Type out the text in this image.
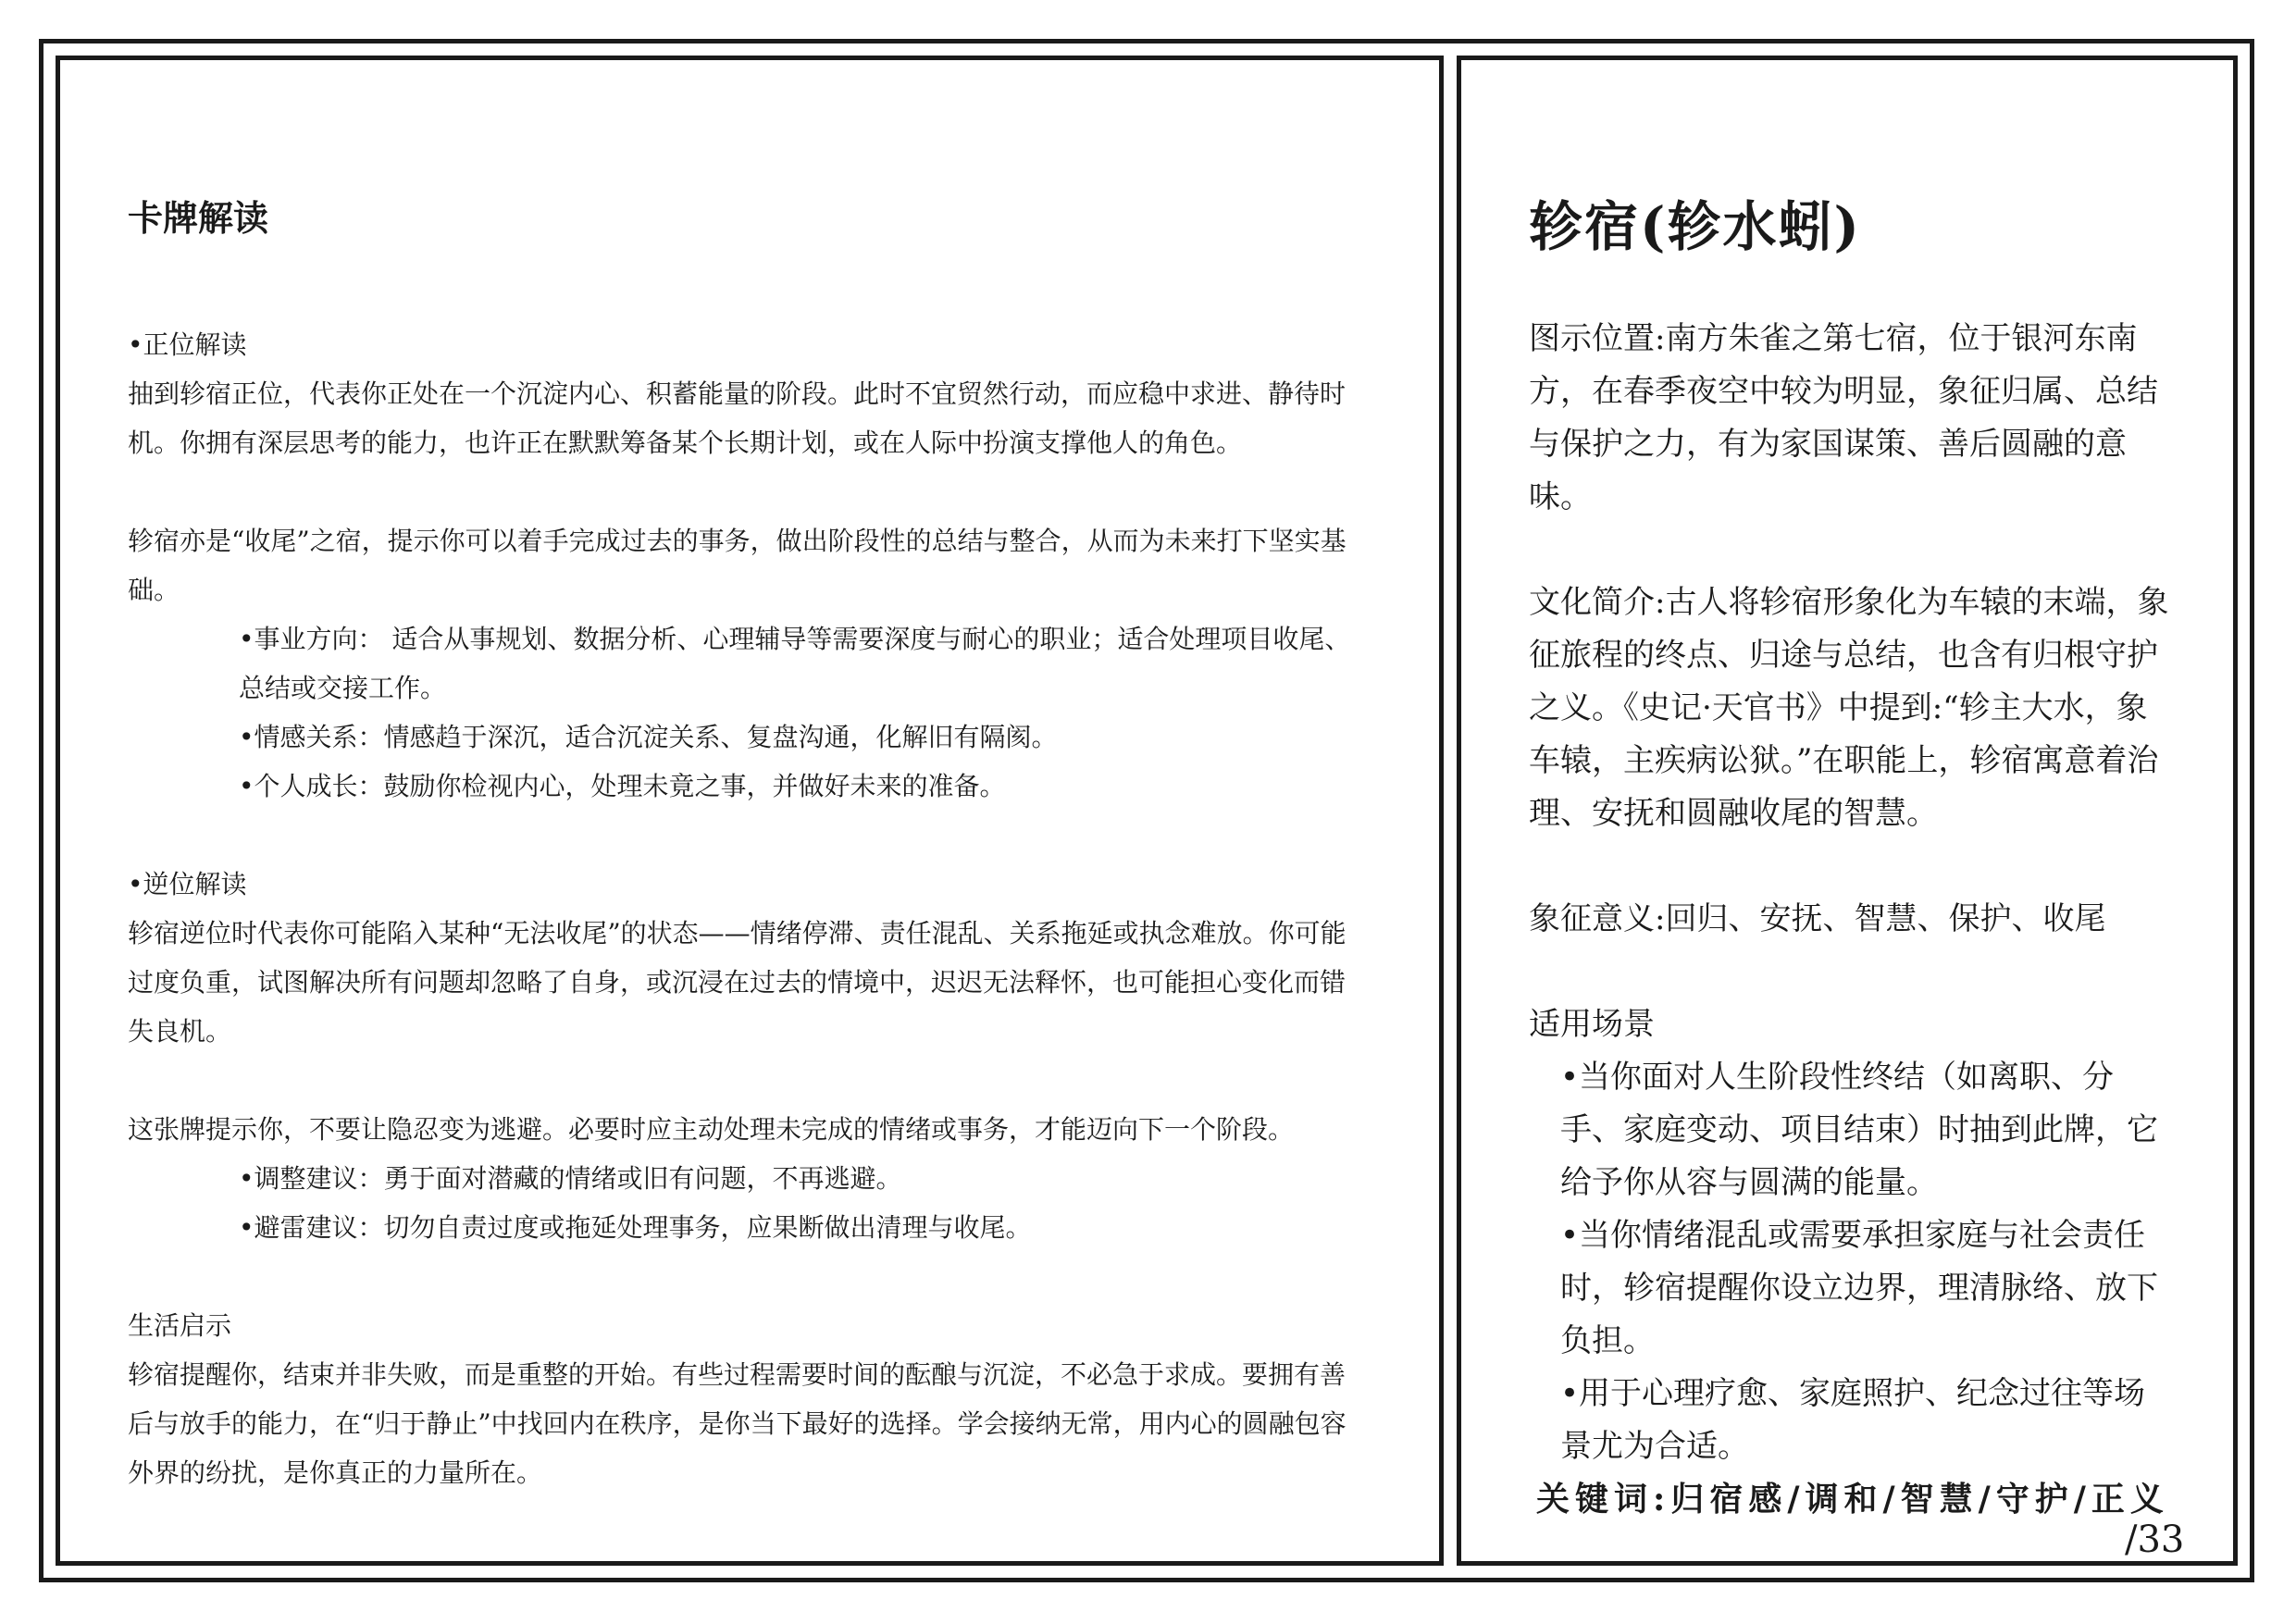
卡牌解读

•正位解读

抽到轸宿正位，代表你正处在一个沉淀内心、积蓄能量的阶段。此时不宜贸然行动，而应稳中求进、静待时机。你拥有深层思考的能力，也许正在默默筹备某个长期计划，或在人际中扮演支撑他人的角色。

轸宿亦是“收尾”之宿，提示你可以着手完成过去的事务，做出阶段性的总结与整合，从而为未来打下坚实基础。

•事业方向： 适合从事规划、数据分析、心理辅导等需要深度与耐心的职业；适合处理项目收尾、总结或交接工作。

•情感关系：情感趋于深沉，适合沉淀关系、复盘沟通，化解旧有隔阂。

•个人成长：鼓励你检视内心，处理未竟之事，并做好未来的准备。

•逆位解读

轸宿逆位时代表你可能陷入某种“无法收尾”的状态——情绪停滞、责任混乱、关系拖延或执念难放。你可能过度负重，试图解决所有问题却忽略了自身，或沉浸在过去的情境中，迟迟无法释怀，也可能担心变化而错失良机。

这张牌提示你，不要让隐忍变为逃避。必要时应主动处理未完成的情绪或事务，才能迈向下一个阶段。

•调整建议：勇于面对潜藏的情绪或旧有问题，不再逃避。

•避雷建议：切勿自责过度或拖延处理事务，应果断做出清理与收尾。

生活启示

轸宿提醒你，结束并非失败，而是重整的开始。有些过程需要时间的酝酿与沉淀，不必急于求成。要拥有善后与放手的能力，在“归于静止”中找回内在秩序，是你当下最好的选择。学会接纳无常，用内心的圆融包容外界的纷扰，是你真正的力量所在。

轸宿(轸水蚓)

图示位置:南方朱雀之第七宿，位于银河东南方，在春季夜空中较为明显，象征归属、总结与保护之力，有为家国谋策、善后圆融的意味。

文化简介:古人将轸宿形象化为车辕的末端，象征旅程的终点、归途与总结，也含有归根守护之义。《史记·天官书》中提到:“轸主大水，象车辕，主疾病讼狱。”在职能上，轸宿寓意着治理、安抚和圆融收尾的智慧。

象征意义:回归、安抚、智慧、保护、收尾

适用场景

•当你面对人生阶段性终结（如离职、分手、家庭变动、项目结束）时抽到此牌，它给予你从容与圆满的能量。

•当你情绪混乱或需要承担家庭与社会责任时，轸宿提醒你设立边界，理清脉络、放下负担。

•用于心理疗愈、家庭照护、纪念过往等场景尤为合适。

关键词:归宿感/调和/智慧/守护/正义

/33
